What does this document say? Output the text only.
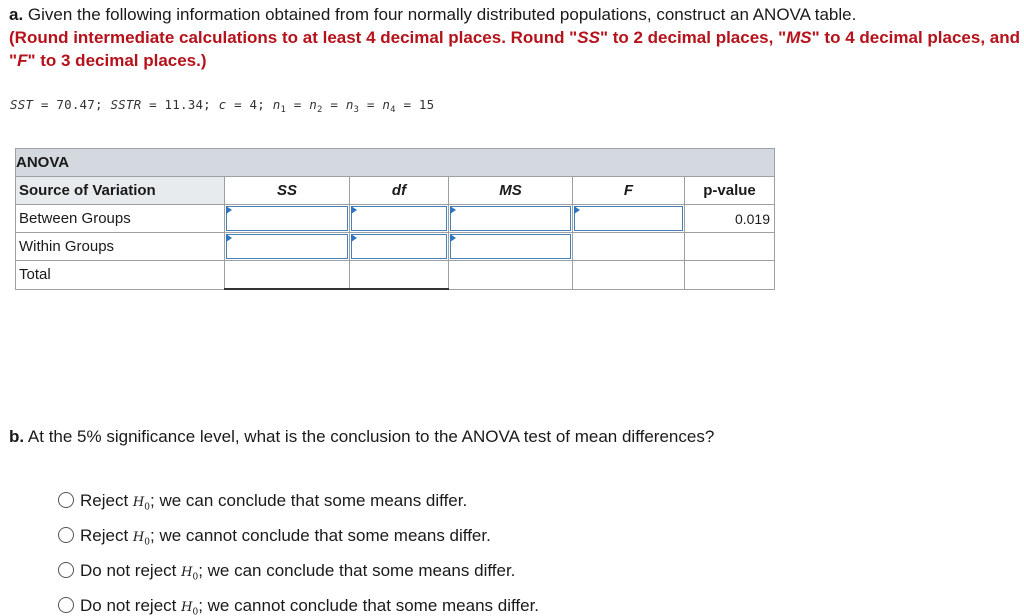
a. Given the following information obtained from four normally distributed populations, construct an ANOVA table.
(Round intermediate calculations to at least 4 decimal places. Round "SS" to 2 decimal places, "MS" to 4 decimal places, and "F" to 3 decimal places.)
SST = 70.47; SSTR = 11.34; c = 4; $n_1 = n_2 = n_3 = n_4 = 15$
ANOVA					
Source of Variation	SS	df	MS	F	p-value
Between Groups					0.019
Within Groups	

Total					
b. At the 5% significance level, what is the conclusion to the ANOVA test of mean differences?
Reject $H_0$; we can conclude that some means differ.
Reject $H_0$; we cannot conclude that some means differ.
Do not reject $H_0$; we can conclude that some means differ.
Do not reject $H_0$; we cannot conclude that some means differ.
